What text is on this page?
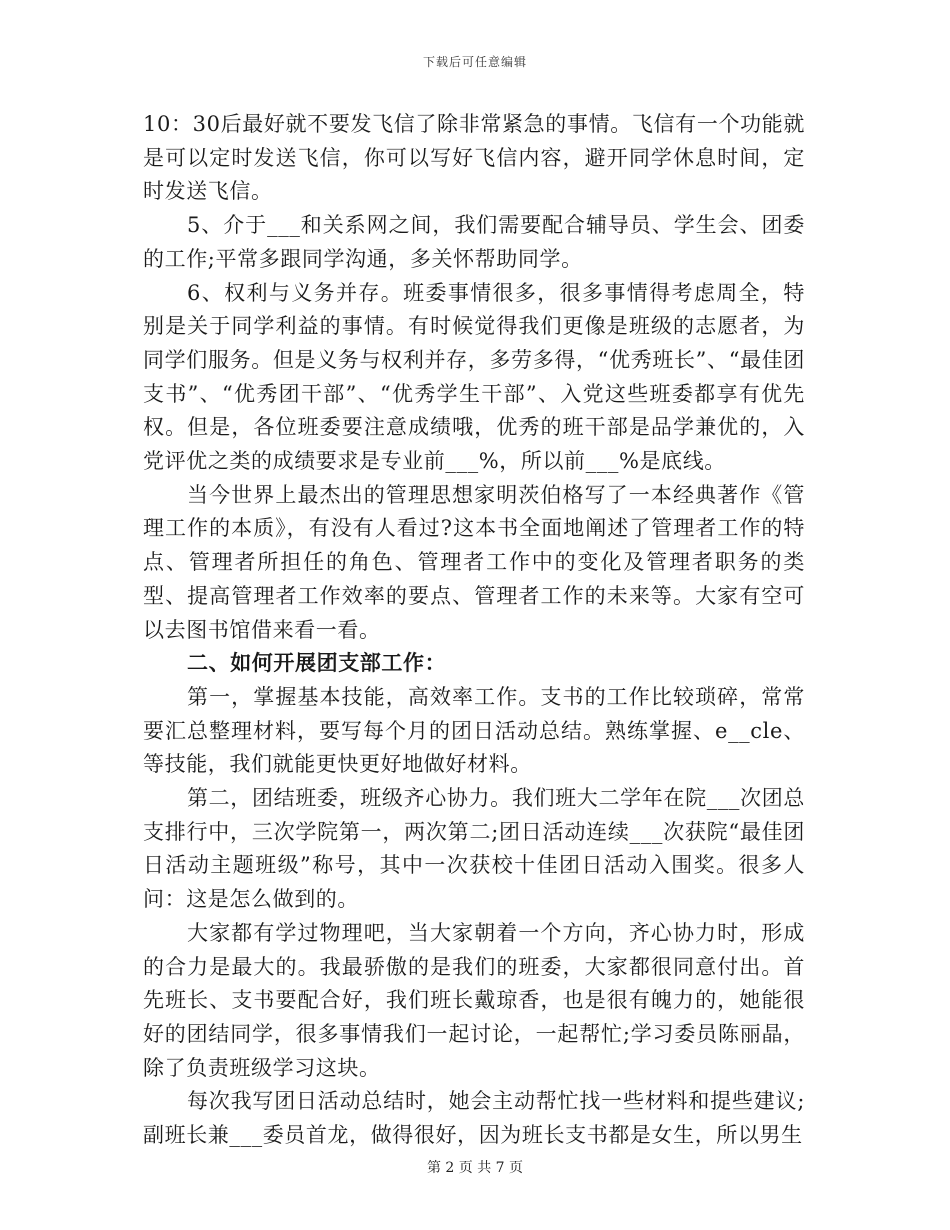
下载后可任意编辑

10：30后最好就不要发飞信了除非常紧急的事情。飞信有一个功能就是可以定时发送飞信，你可以写好飞信内容，避开同学休息时间，定时发送飞信。

5、介于___和关系网之间，我们需要配合辅导员、学生会、团委的工作;平常多跟同学沟通，多关怀帮助同学。

6、权利与义务并存。班委事情很多，很多事情得考虑周全，特别是关于同学利益的事情。有时候觉得我们更像是班级的志愿者，为同学们服务。但是义务与权利并存，多劳多得，“优秀班长”、“最佳团支书”、“优秀团干部”、“优秀学生干部”、入党这些班委都享有优先权。但是，各位班委要注意成绩哦，优秀的班干部是品学兼优的，入党评优之类的成绩要求是专业前___%，所以前___%是底线。

当今世界上最杰出的管理思想家明茨伯格写了一本经典著作《管理工作的本质》，有没有人看过?这本书全面地阐述了管理者工作的特点、管理者所担任的角色、管理者工作中的变化及管理者职务的类型、提高管理者工作效率的要点、管理者工作的未来等。大家有空可以去图书馆借来看一看。

二、如何开展团支部工作：

第一，掌握基本技能，高效率工作。支书的工作比较琐碎，常常要汇总整理材料，要写每个月的团日活动总结。熟练掌握、e__cle、等技能，我们就能更快更好地做好材料。

第二，团结班委，班级齐心协力。我们班大二学年在院___次团总支排行中，三次学院第一，两次第二;团日活动连续___次获院“最佳团日活动主题班级”称号，其中一次获校十佳团日活动入围奖。很多人问：这是怎么做到的。

大家都有学过物理吧，当大家朝着一个方向，齐心协力时，形成的合力是最大的。我最骄傲的是我们的班委，大家都很同意付出。首先班长、支书要配合好，我们班长戴琼香，也是很有魄力的，她能很好的团结同学，很多事情我们一起讨论，一起帮忙;学习委员陈丽晶，除了负责班级学习这块。

每次我写团日活动总结时，她会主动帮忙找一些材料和提些建议;副班长兼___委员首龙，做得很好，因为班长支书都是女生，所以男生

第 2 页 共 7 页
